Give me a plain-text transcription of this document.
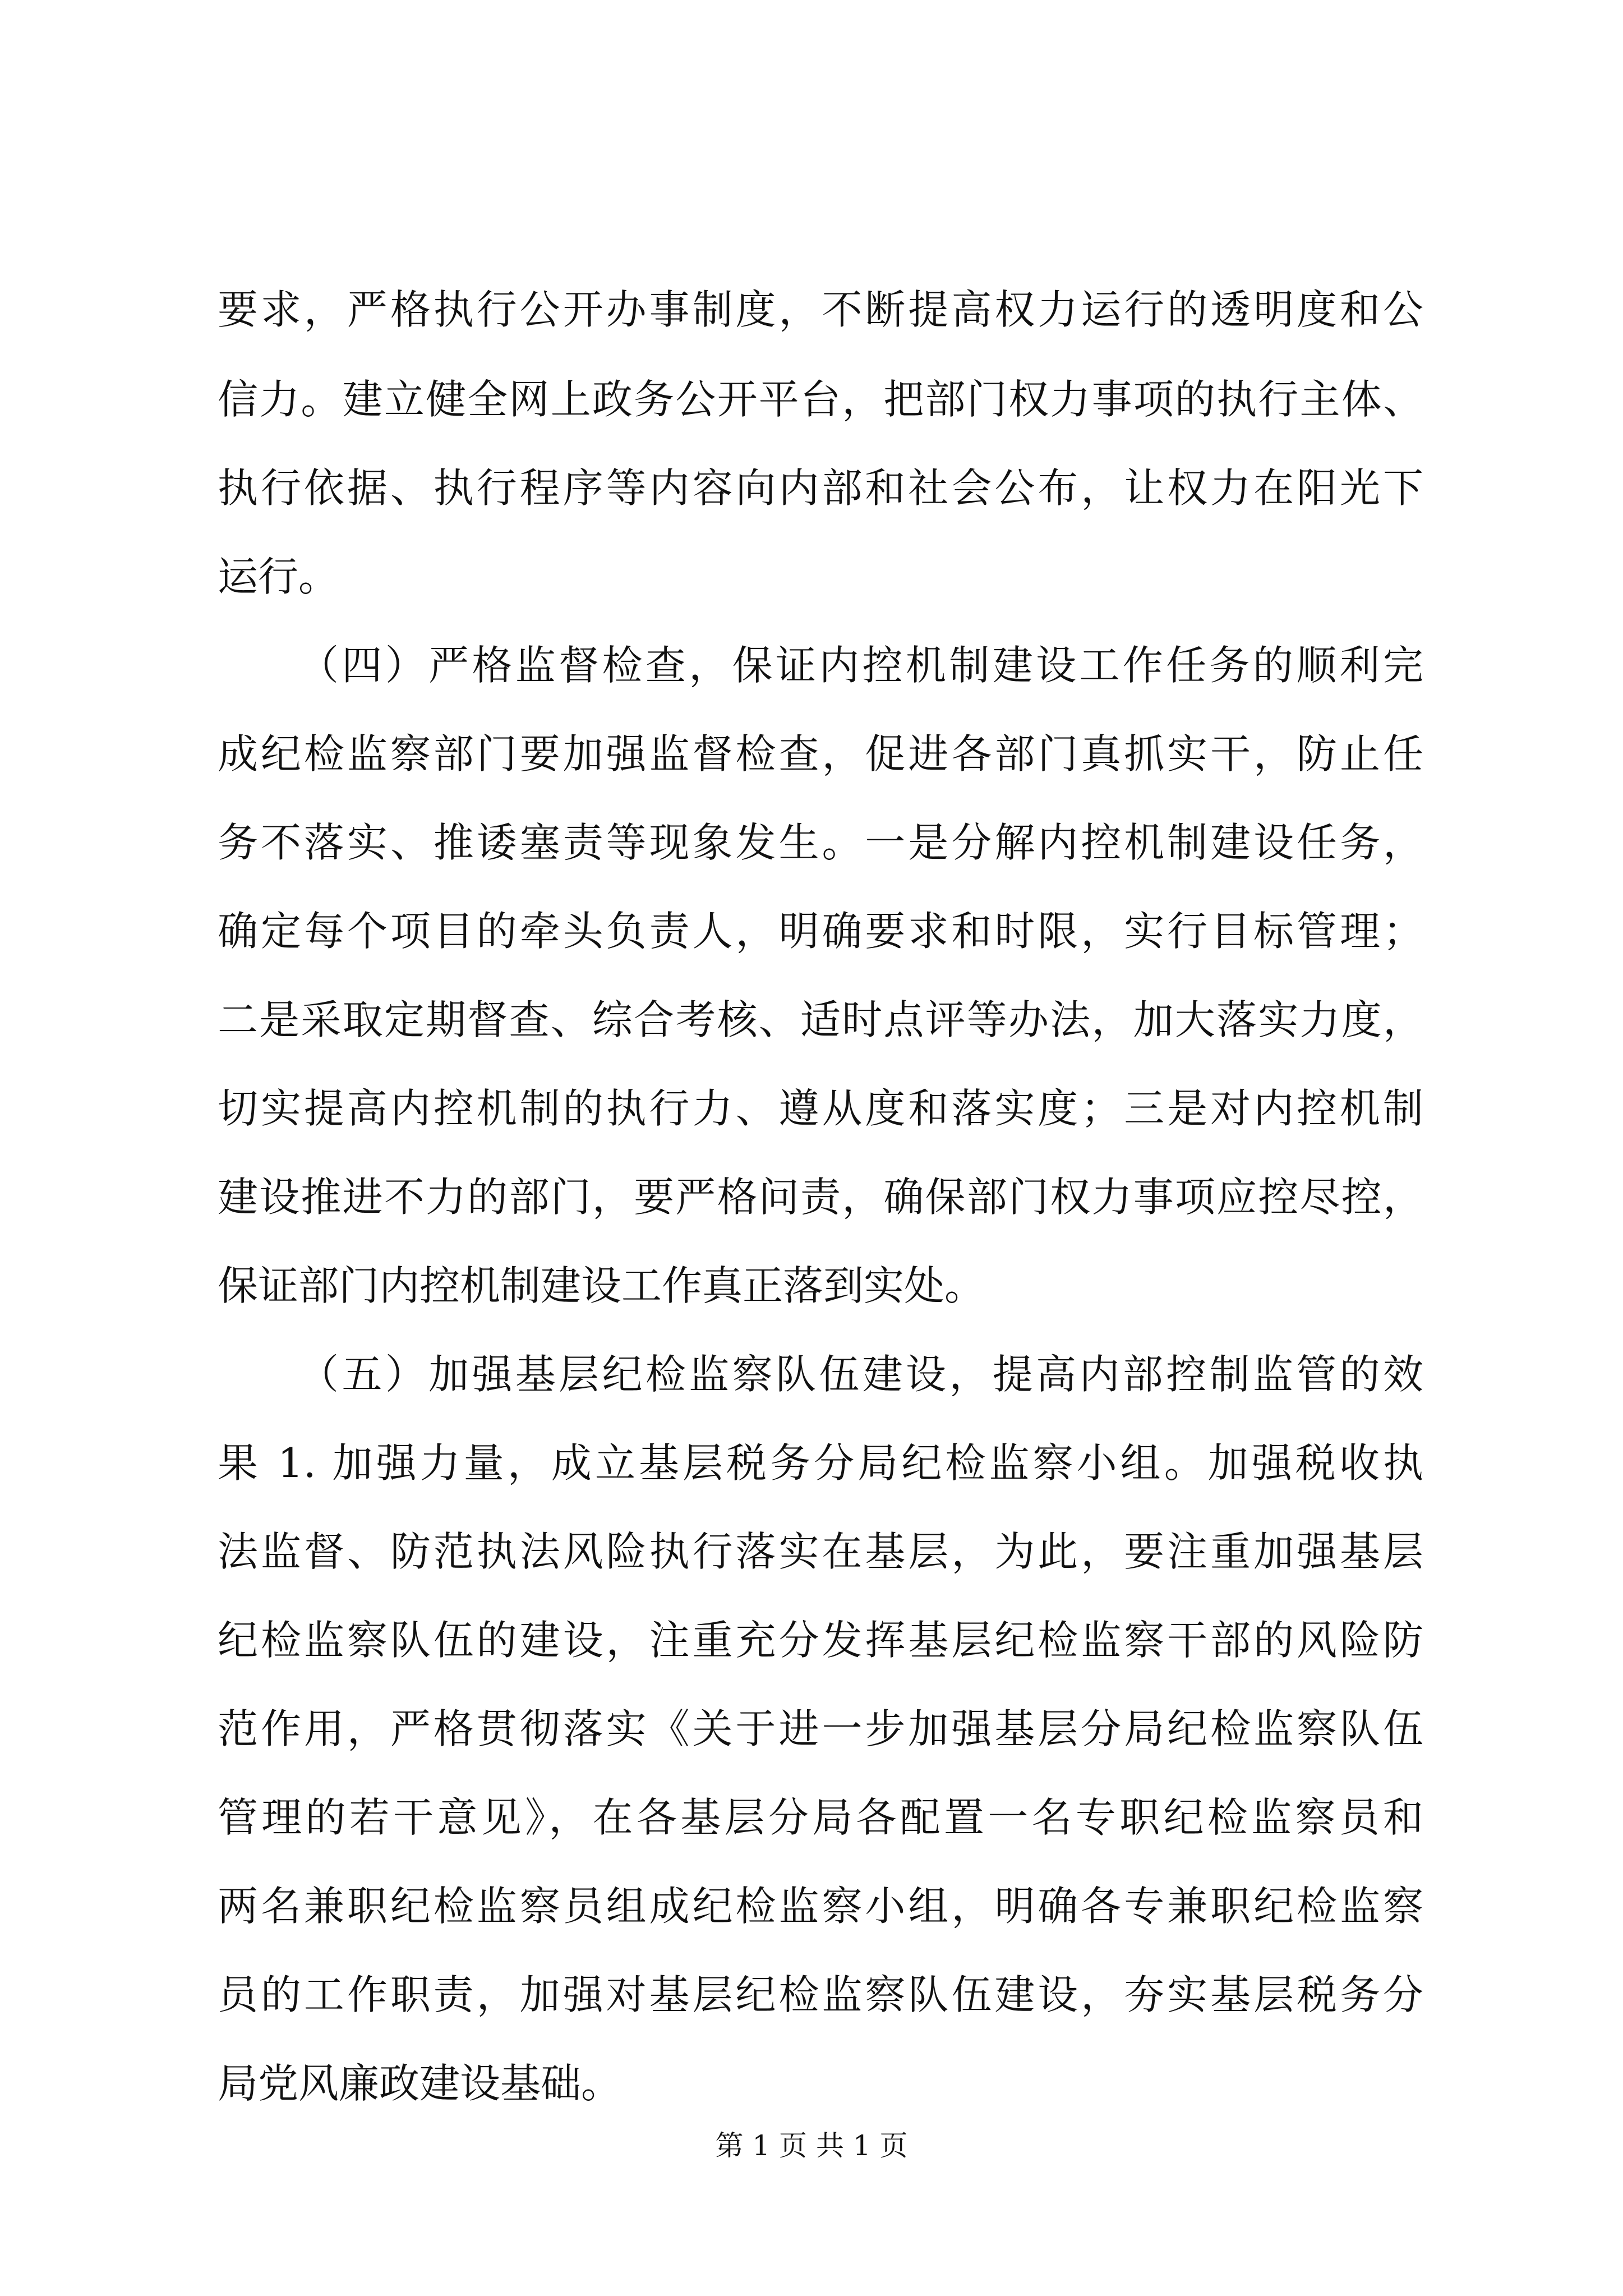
要求，严格执行公开办事制度，不断提高权力运行的透明度和公
信力。建立健全网上政务公开平台，把部门权力事项的执行主体、
执行依据、执行程序等内容向内部和社会公布，让权力在阳光下
运行。
（四）严格监督检查，保证内控机制建设工作任务的顺利完
成纪检监察部门要加强监督检查，促进各部门真抓实干，防止任
务不落实、推诿塞责等现象发生。一是分解内控机制建设任务，
确定每个项目的牵头负责人，明确要求和时限，实行目标管理；
二是采取定期督查、综合考核、适时点评等办法，加大落实力度，
切实提高内控机制的执行力、遵从度和落实度；三是对内控机制
建设推进不力的部门，要严格问责，确保部门权力事项应控尽控，
保证部门内控机制建设工作真正落到实处。
（五）加强基层纪检监察队伍建设，提高内部控制监管的效
果 1. 加强力量，成立基层税务分局纪检监察小组。加强税收执
法监督、防范执法风险执行落实在基层，为此，要注重加强基层
纪检监察队伍的建设，注重充分发挥基层纪检监察干部的风险防
范作用，严格贯彻落实《关于进一步加强基层分局纪检监察队伍
管理的若干意见》，在各基层分局各配置一名专职纪检监察员和
两名兼职纪检监察员组成纪检监察小组，明确各专兼职纪检监察
员的工作职责，加强对基层纪检监察队伍建设，夯实基层税务分
局党风廉政建设基础。
第 1 页 共 1 页
